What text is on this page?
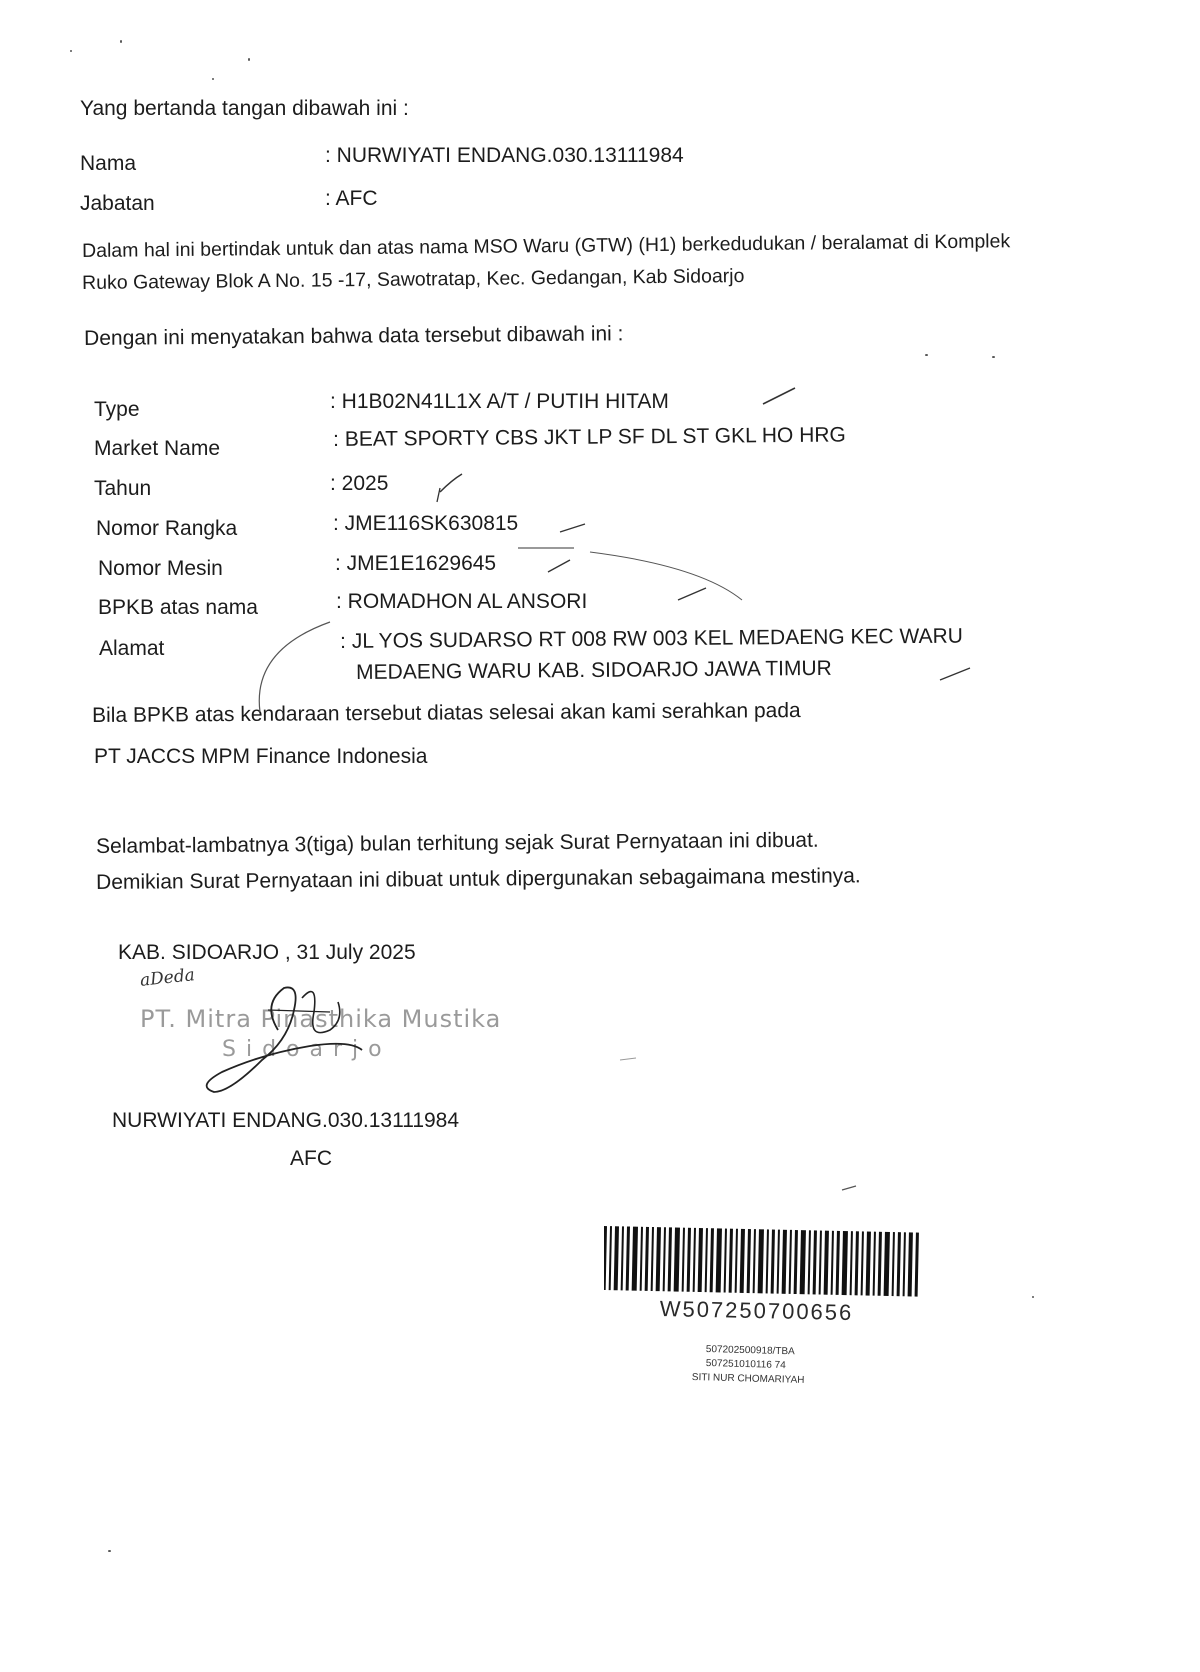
Yang bertanda tangan dibawah ini :
Nama	: NURWIYATI ENDANG.030.13111984
Jabatan	: AFC
Dalam hal ini bertindak untuk dan atas nama MSO Waru (GTW) (H1) berkedudukan / beralamat di Komplek
Ruko Gateway Blok A No. 15 -17, Sawotratap, Kec. Gedangan, Kab Sidoarjo
Dengan ini menyatakan bahwa data tersebut dibawah ini :
Type	: H1B02N41L1X A/T / PUTIH HITAM
Market Name	: BEAT SPORTY CBS JKT LP SF DL ST GKL HO HRG
Tahun	: 2025
Nomor Rangka	: JME116SK630815
Nomor Mesin	: JME1E1629645
BPKB atas nama	: ROMADHON AL ANSORI
Alamat	: JL YOS SUDARSO RT 008 RW 003 KEL MEDAENG KEC WARU
MEDAENG WARU KAB. SIDOARJO JAWA TIMUR
Bila BPKB atas kendaraan tersebut diatas selesai akan kami serahkan pada
PT JACCS MPM Finance Indonesia
Selambat-lambatnya 3(tiga) bulan terhitung sejak Surat Pernyataan ini dibuat.
Demikian Surat Pernyataan ini dibuat untuk dipergunakan sebagaimana mestinya.
KAB. SIDOARJO , 31 July 2025
PT. Mitra Pinasthika Mustika
Sidoarjo
aDeda
NURWIYATI ENDANG.030.13111984
AFC
W507250700656
507202500918/TBA
507251010116 74
SITI NUR CHOMARIYAH
